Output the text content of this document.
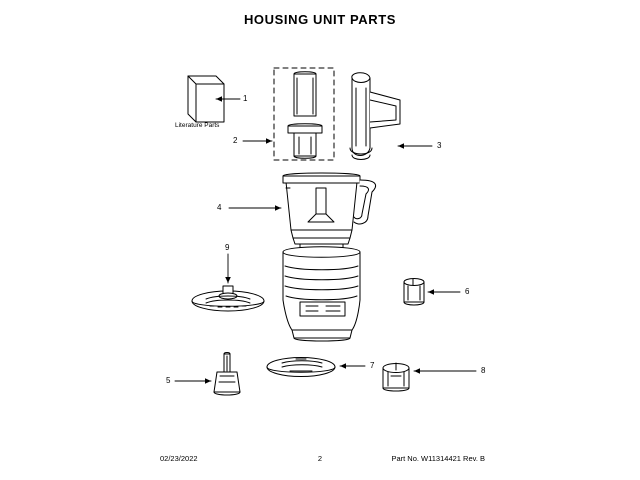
HOUSING UNIT PARTS
1
2
3
4
5
6
7
8
9
Literature Parts
02/23/2022	2	Part No. W11314421 Rev. B
